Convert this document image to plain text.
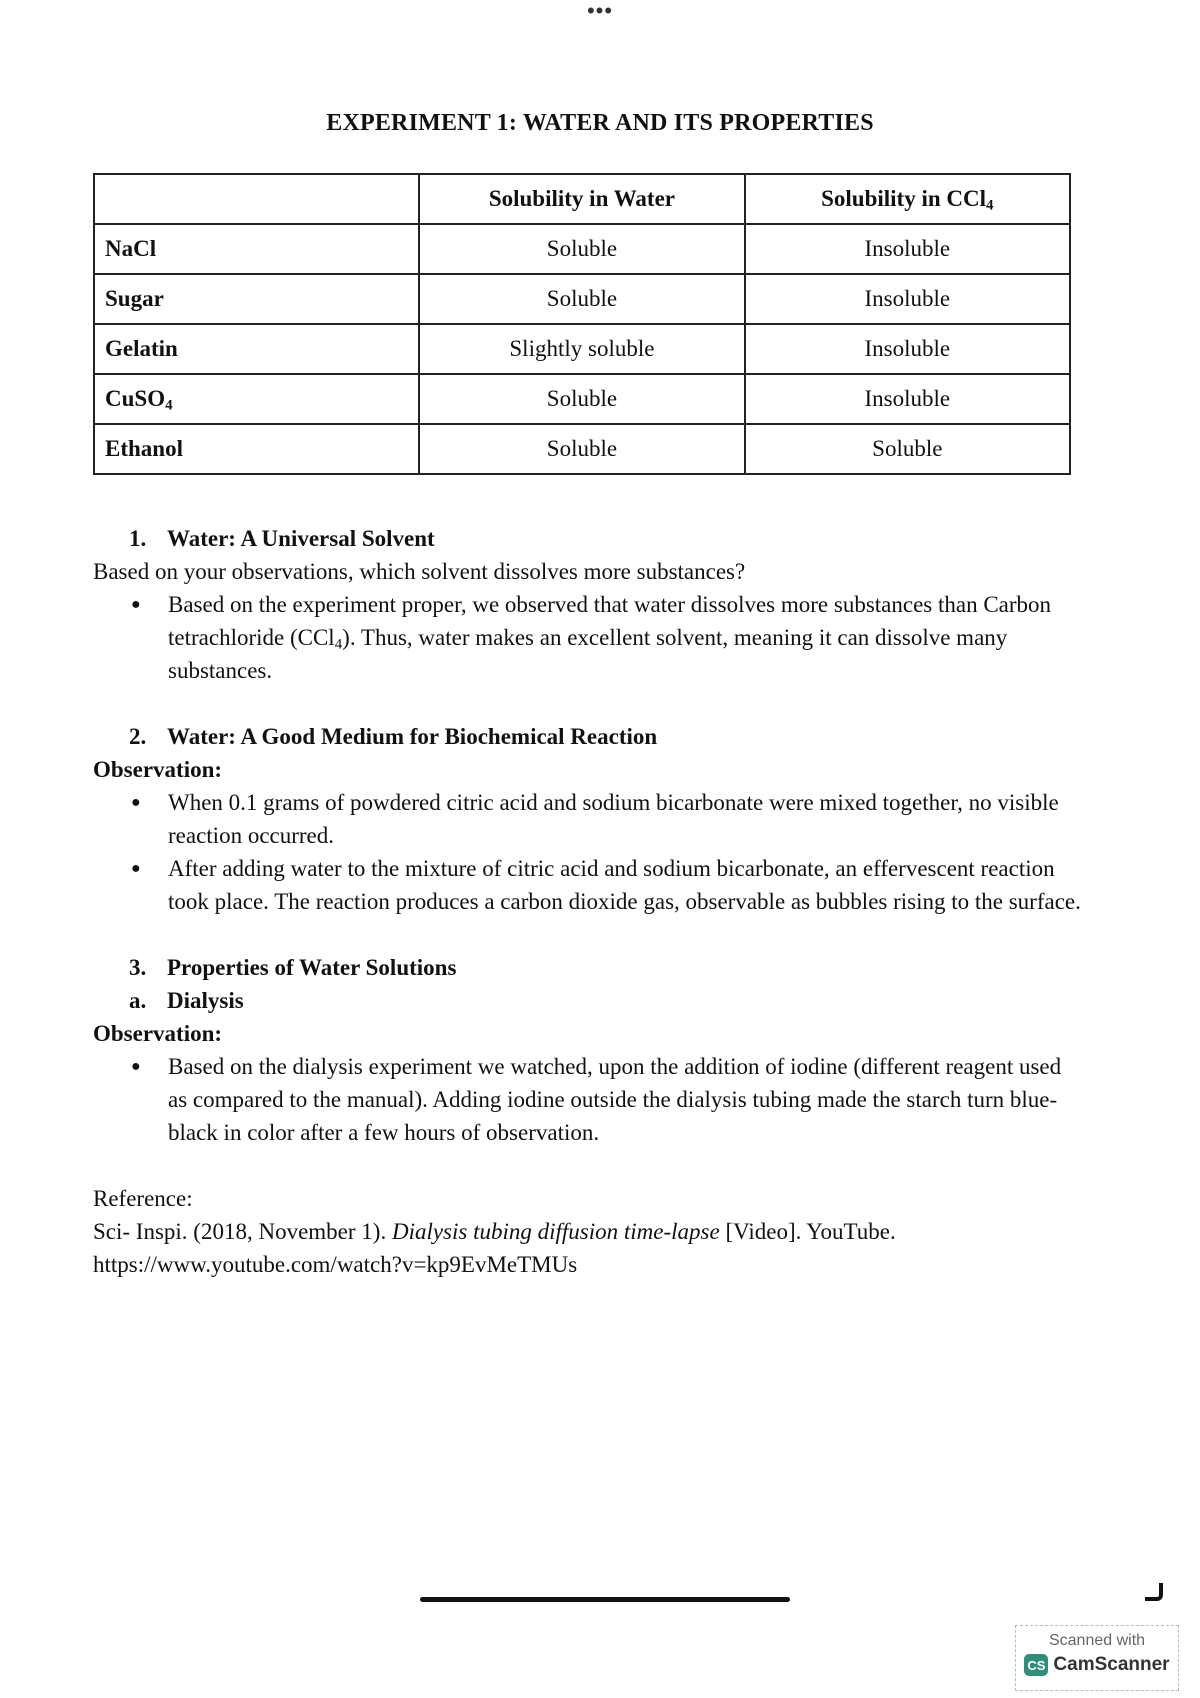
•••
EXPERIMENT 1: WATER AND ITS PROPERTIES
	Solubility in Water	Solubility in CCl$_4$
NaCl	Soluble	Insoluble
Sugar	Soluble	Insoluble
Gelatin	Slightly soluble	Insoluble
CuSO$_4$	Soluble	Insoluble
Ethanol	Soluble	Soluble
1. Water: A Universal Solvent
Based on your observations, which solvent dissolves more substances?
● Based on the experiment proper, we observed that water dissolves more substances than Carbon tetrachloride (CCl$_4$). Thus, water makes an excellent solvent, meaning it can dissolve many substances.
2. Water: A Good Medium for Biochemical Reaction
Observation:
● When 0.1 grams of powdered citric acid and sodium bicarbonate were mixed together, no visible reaction occurred.
● After adding water to the mixture of citric acid and sodium bicarbonate, an effervescent reaction took place. The reaction produces a carbon dioxide gas, observable as bubbles rising to the surface.
3. Properties of Water Solutions
a. Dialysis
Observation:
● Based on the dialysis experiment we watched, upon the addition of iodine (different reagent used as compared to the manual). Adding iodine outside the dialysis tubing made the starch turn blue-black in color after a few hours of observation.
Reference:
Sci- Inspi. (2018, November 1). Dialysis tubing diffusion time-lapse [Video]. YouTube.
https://www.youtube.com/watch?v=kp9EvMeTMUs
Scanned with
CS CamScanner
